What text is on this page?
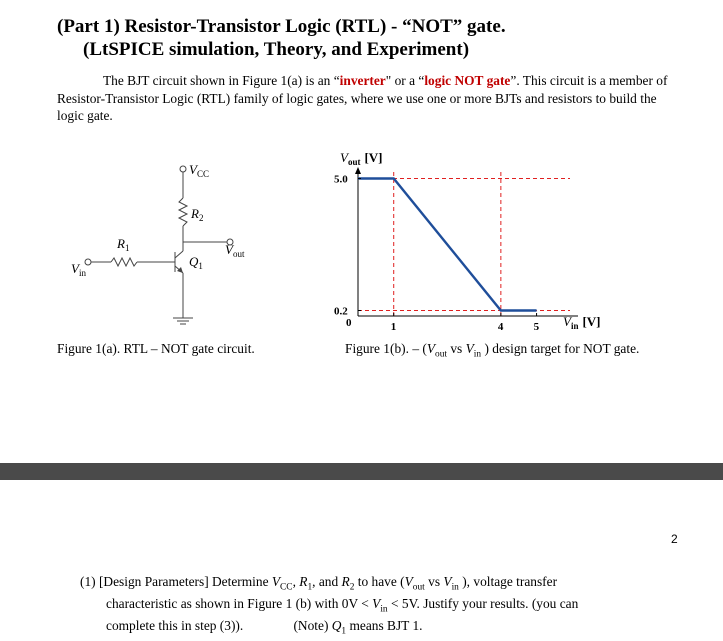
(Part 1) Resistor-Transistor Logic (RTL) - “NOT” gate.
(LtSPICE simulation, Theory, and Experiment)

The BJT circuit shown in Figure 1(a) is an “inverter" or a “logic NOT gate”. This circuit is a member of Resistor-Transistor Logic (RTL) family of logic gates, where we use one or more BJTs and resistors to build the logic gate.

$V_{CC}$
$R_2$
$R_1$
$Q_1$
$V_{out}$
$V_{in}$
Figure 1(a). RTL – NOT gate circuit.
$V_{out}$ [V]
$V_{in}$ [V]
0	1	4	5
5.0
0.2
Figure 1(b). – ($V_{out}$ vs $V_{in}$ ) design target for NOT gate.
2
(1) [Design Parameters] Determine $V_{CC}$, $R_1$, and $R_2$ to have ($V_{out}$ vs $V_{in}$ ), voltage transfer
characteristic as shown in Figure 1 (b) with $0V < V_{in} < 5V$. Justify your results. (you can
complete this in step (3)).	(Note) $Q_1$ means BJT 1.
